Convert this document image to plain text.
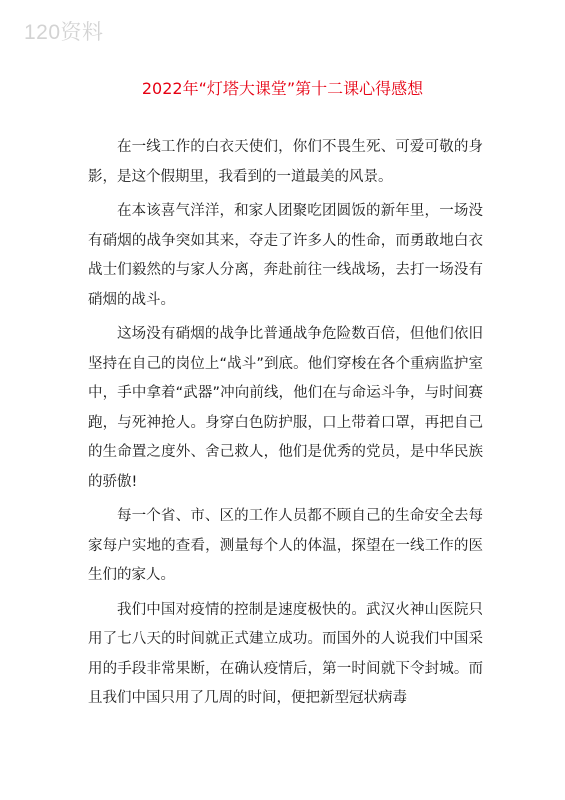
120资料
2022年“灯塔大课堂”第十二课心得感想

在一线工作的白衣天使们，你们不畏生死、可爱可敬的身影，是这个假期里，我看到的一道最美的风景。

在本该喜气洋洋，和家人团聚吃团圆饭的新年里，一场没有硝烟的战争突如其来，夺走了许多人的性命，而勇敢地白衣战士们毅然的与家人分离，奔赴前往一线战场，去打一场没有硝烟的战斗。

这场没有硝烟的战争比普通战争危险数百倍，但他们依旧坚持在自己的岗位上“战斗”到底。他们穿梭在各个重病监护室中，手中拿着“武器”冲向前线，他们在与命运斗争，与时间赛跑，与死神抢人。身穿白色防护服，口上带着口罩，再把自己的生命置之度外、舍己救人，他们是优秀的党员，是中华民族的骄傲!

每一个省、市、区的工作人员都不顾自己的生命安全去每家每户实地的查看，测量每个人的体温，探望在一线工作的医生们的家人。

我们中国对疫情的控制是速度极快的。武汉火神山医院只用了七八天的时间就正式建立成功。而国外的人说我们中国采用的手段非常果断，在确认疫情后，第一时间就下令封城。而且我们中国只用了几周的时间，便把新型冠状病毒
